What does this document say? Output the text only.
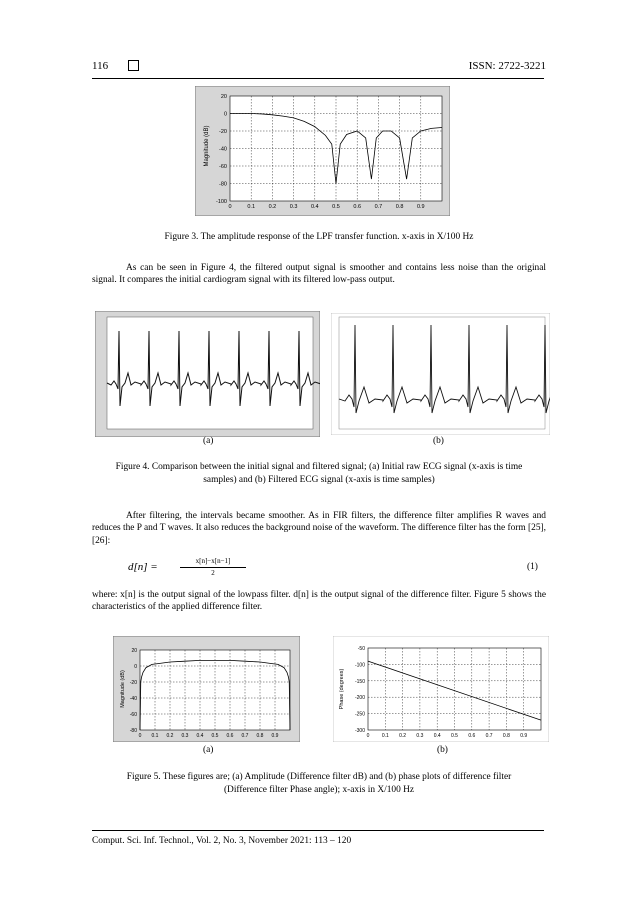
116	ISSN: 2722-3221
Magnitude (dB)
20
0
-20
-40
-60
-80
-100
0	0.1 0.2 0.3 0.4 0.5 0.6 0.7 0.8 0.9
Figure 3. The amplitude response of the LPF transfer function. x-axis in X/100 Hz
As can be seen in Figure 4, the filtered output signal is smoother and contains less noise than the original signal. It compares the initial cardiogram signal with its filtered low-pass output.
(a)	(b)
Figure 4. Comparison between the initial signal and filtered signal; (a) Initial raw ECG signal (x-axis is time
samples) and (b) Filtered ECG signal (x-axis is time samples)
After filtering, the intervals became smoother. As in FIR filters, the difference filter amplifies R waves and reduces the P and T waves. It also reduces the background noise of the waveform. The difference filter has the form [25], [26]:
d[n] =	x[n]−x[n−1]
2
(1)
where: x[n] is the output signal of the lowpass filter. d[n] is the output signal of the difference filter. Figure 5 shows the characteristics of the applied difference filter.
Magnitude (dB)
20
0
-20
-40
-60
-80
0 0.1 0.2 0.3 0.4 0.5 0.6 0.7 0.8 0.9
Phase (degrees)
-50
-100
-150
-200
-250
-300
0 0.1 0.2 0.3 0.4 0.5 0.6 0.7 0.8 0.9
(a)	(b)
Figure 5. These figures are; (a) Amplitude (Difference filter dB) and (b) phase plots of difference filter
(Difference filter Phase angle); x-axis in X/100 Hz
Comput. Sci. Inf. Technol., Vol. 2, No. 3, November 2021: 113 – 120
